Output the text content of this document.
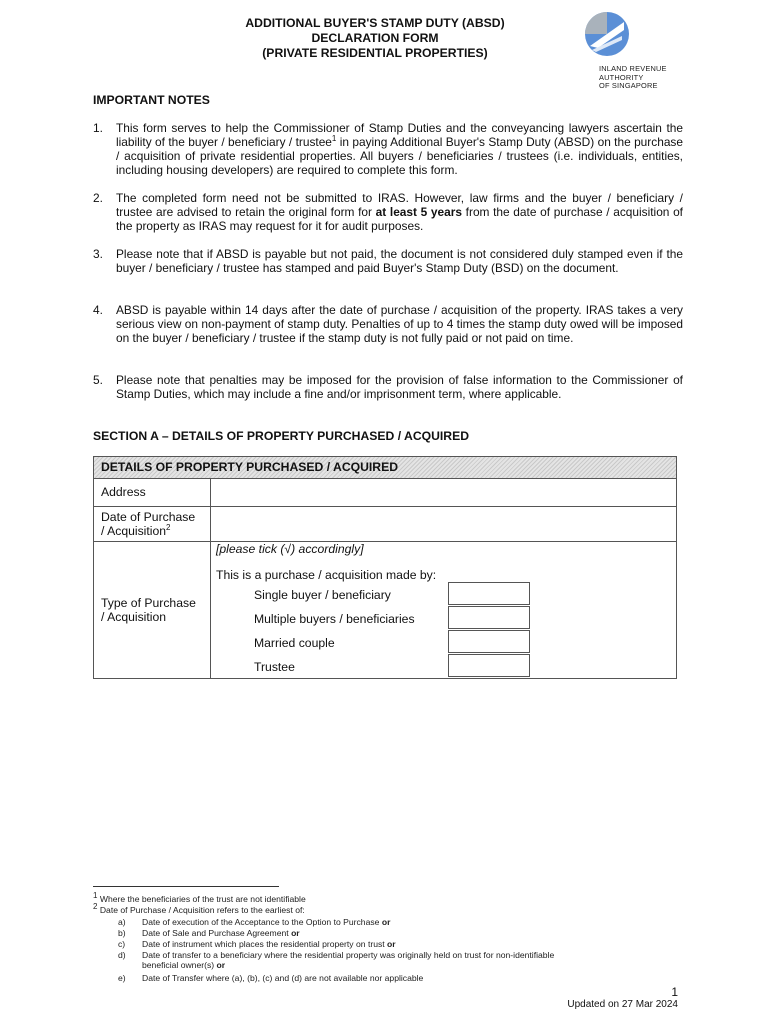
ADDITIONAL BUYER'S STAMP DUTY (ABSD)
DECLARATION FORM
(PRIVATE RESIDENTIAL PROPERTIES)
INLAND REVENUE
AUTHORITY
OF SINGAPORE
IMPORTANT NOTES
1. This form serves to help the Commissioner of Stamp Duties and the conveyancing lawyers ascertain the liability of the buyer / beneficiary / trustee$^1$ in paying Additional Buyer's Stamp Duty (ABSD) on the purchase / acquisition of private residential properties. All buyers / beneficiaries / trustees (i.e. individuals, entities, including housing developers) are required to complete this form.
2. The completed form need not be submitted to IRAS. However, law firms and the buyer / beneficiary / trustee are advised to retain the original form for at least 5 years from the date of purchase / acquisition of the property as IRAS may request for it for audit purposes.
3. Please note that if ABSD is payable but not paid, the document is not considered duly stamped even if the buyer / beneficiary / trustee has stamped and paid Buyer's Stamp Duty (BSD) on the document.
4. ABSD is payable within 14 days after the date of purchase / acquisition of the property. IRAS takes a very serious view on non-payment of stamp duty. Penalties of up to 4 times the stamp duty owed will be imposed on the buyer / beneficiary / trustee if the stamp duty is not fully paid or not paid on time.
5. Please note that penalties may be imposed for the provision of false information to the Commissioner of Stamp Duties, which may include a fine and/or imprisonment term, where applicable.
SECTION A – DETAILS OF PROPERTY PURCHASED / ACQUIRED
DETAILS OF PROPERTY PURCHASED / ACQUIRED
Address
Date of Purchase
/ Acquisition$^2$
Type of Purchase
/ Acquisition
[please tick (√) accordingly]
This is a purchase / acquisition made by:
Single buyer / beneficiary
Multiple buyers / beneficiaries
Married couple
Trustee
$^1$ Where the beneficiaries of the trust are not identifiable
$^2$ Date of Purchase / Acquisition refers to the earliest of:
a) Date of execution of the Acceptance to the Option to Purchase or
b) Date of Sale and Purchase Agreement or
c) Date of instrument which places the residential property on trust or
d) Date of transfer to a beneficiary where the residential property was originally held on trust for non-identifiable
beneficial owner(s) or
e) Date of Transfer where (a), (b), (c) and (d) are not available nor applicable
1
Updated on 27 Mar 2024
